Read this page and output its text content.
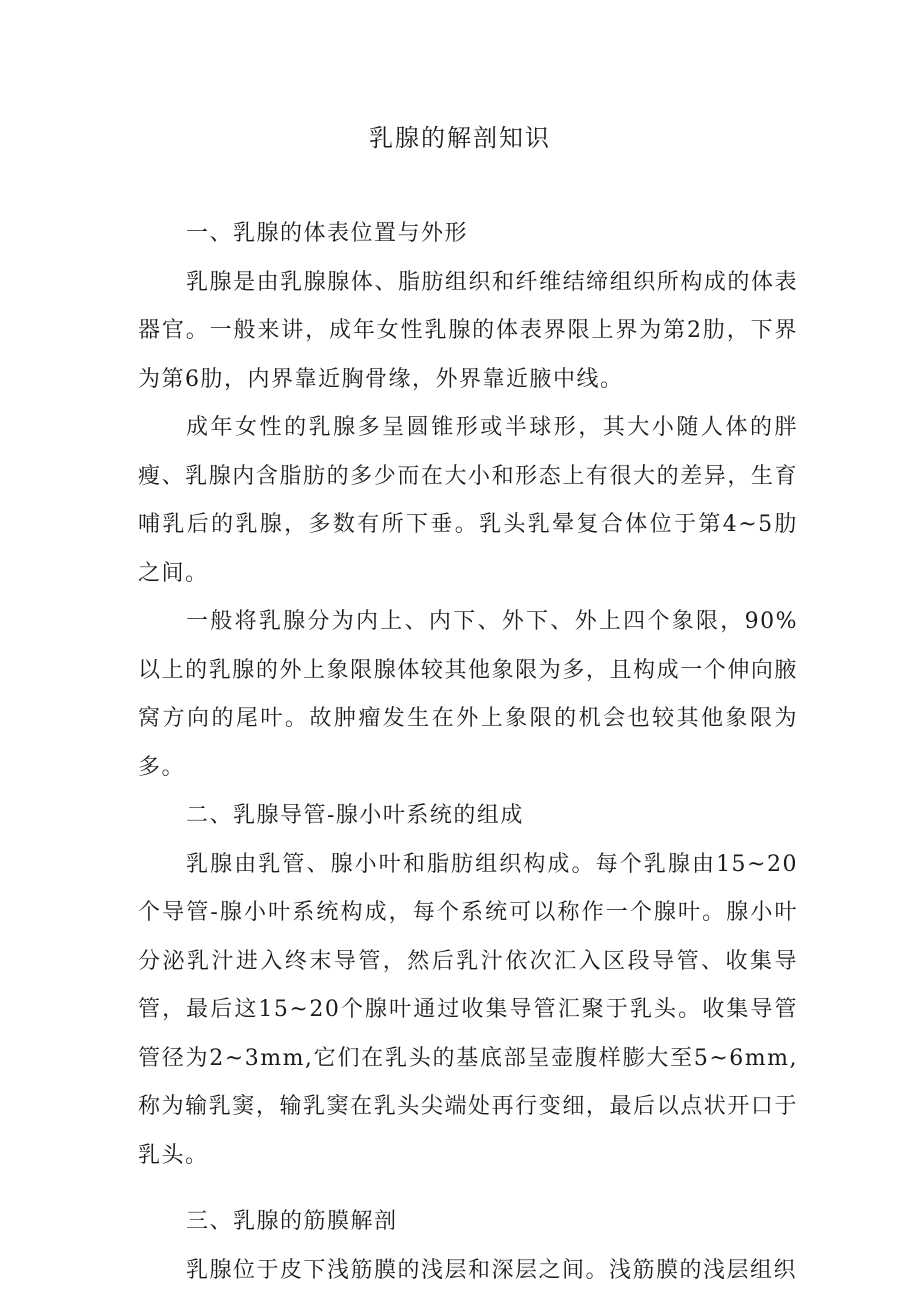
乳腺的解剖知识

一、乳腺的体表位置与外形

乳腺是由乳腺腺体、脂肪组织和纤维结缔组织所构成的体表器官。一般来讲，成年女性乳腺的体表界限上界为第2肋，下界为第6肋，内界靠近胸骨缘，外界靠近腋中线。

成年女性的乳腺多呈圆锥形或半球形，其大小随人体的胖瘦、乳腺内含脂肪的多少而在大小和形态上有很大的差异，生育哺乳后的乳腺，多数有所下垂。乳头乳晕复合体位于第4~5肋之间。

一般将乳腺分为内上、内下、外下、外上四个象限，90%以上的乳腺的外上象限腺体较其他象限为多，且构成一个伸向腋窝方向的尾叶。故肿瘤发生在外上象限的机会也较其他象限为多。

二、乳腺导管-腺小叶系统的组成

乳腺由乳管、腺小叶和脂肪组织构成。每个乳腺由15~20个导管-腺小叶系统构成，每个系统可以称作一个腺叶。腺小叶分泌乳汁进入终末导管，然后乳汁依次汇入区段导管、收集导管，最后这15~20个腺叶通过收集导管汇聚于乳头。收集导管管径为2~3mm,它们在乳头的基底部呈壶腹样膨大至5~6mm,称为输乳窦，输乳窦在乳头尖端处再行变细，最后以点状开口于乳头。

三、乳腺的筋膜解剖

乳腺位于皮下浅筋膜的浅层和深层之间。浅筋膜的浅层组织
